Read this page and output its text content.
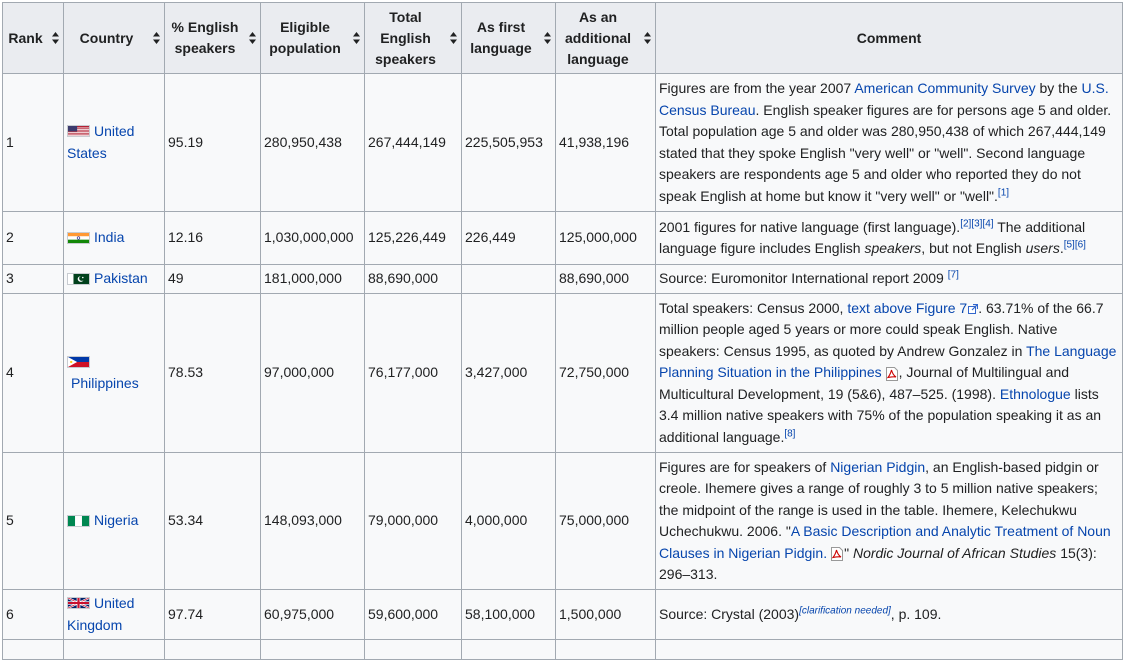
Rank	Country	% English speakers	Eligible population	Total English speakers	As first language	As an additional language	Comment
1	United States	95.19	280,950,438	267,444,149	225,505,953	41,938,196	Figures are from the year 2007 American Community Survey by the U.S. Census Bureau. English speaker figures are for persons age 5 and older. Total population age 5 and older was 280,950,438 of which 267,444,149 stated that they spoke English "very well" or "well". Second language speakers are respondents age 5 and older who reported they do not speak English at home but know it "very well" or "well".[1]
2	India	12.16	1,030,000,000	125,226,449	226,449	125,000,000	2001 figures for native language (first language).[2][3][4] The additional language figure includes English speakers, but not English users.[5][6]
3	Pakistan	49	181,000,000	88,690,000		88,690,000	Source: Euromonitor International report 2009 [7]
4	Philippines	78.53	97,000,000	76,177,000	3,427,000	72,750,000	Total speakers: Census 2000, text above Figure 7 . 63.71% of the 66.7 million people aged 5 years or more could speak English. Native speakers: Census 1995, as quoted by Andrew Gonzalez in The Language Planning Situation in the Philippines , Journal of Multilingual and Multicultural Development, 19 (5&6), 487–525. (1998). Ethnologue lists 3.4 million native speakers with 75% of the population speaking it as an additional language.[8]
5	Nigeria	53.34	148,093,000	79,000,000	4,000,000	75,000,000	Figures are for speakers of Nigerian Pidgin, an English-based pidgin or creole. Ihemere gives a range of roughly 3 to 5 million native speakers; the midpoint of the range is used in the table. Ihemere, Kelechukwu Uchechukwu. 2006. "A Basic Description and Analytic Treatment of Noun Clauses in Nigerian Pidgin. " Nordic Journal of African Studies 15(3): 296–313.
6	United Kingdom	97.74	60,975,000	59,600,000	58,100,000	1,500,000	Source: Crystal (2003)[clarification needed], p. 109.
